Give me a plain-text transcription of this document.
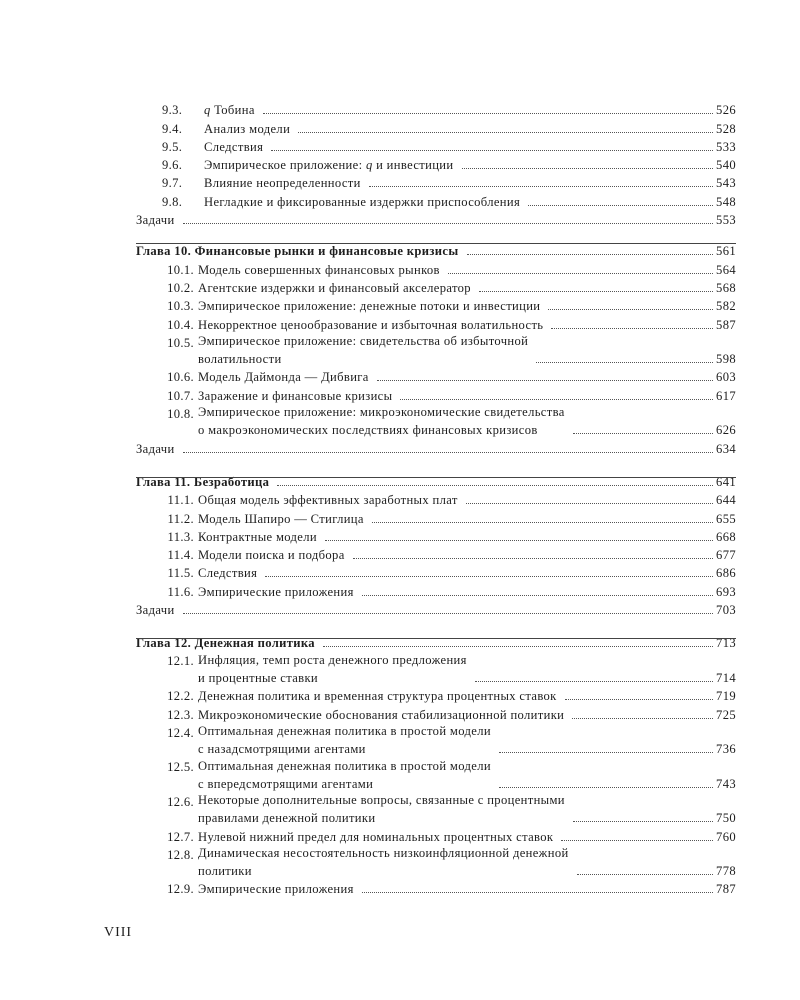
9.3.	q Тобина	526
9.4.	Анализ модели	528
9.5.	Следствия	533
9.6.	Эмпирическое приложение: q и инвестиции	540
9.7.	Влияние неопределенности	543
9.8.	Негладкие и фиксированные издержки приспособления	548
Задачи	553
Глава 10. Финансовые рынки и финансовые кризисы	561
10.1. Модель совершенных финансовых рынков	564
10.2. Агентские издержки и финансовый акселератор	568
10.3. Эмпирическое приложение: денежные потоки и инвестиции	582
10.4. Некорректное ценообразование и избыточная волатильность	587
10.5. Эмпирическое приложение: свидетельства об избыточной
волатильности	598
10.6. Модель Даймонда — Дибвига	603
10.7. Заражение и финансовые кризисы	617
10.8. Эмпирическое приложение: микроэкономические свидетельства
о макроэкономических последствиях финансовых кризисов	626
Задачи	634
Глава 11. Безработица	641
11.1. Общая модель эффективных заработных плат	644
11.2. Модель Шапиро — Стиглица	655
11.3. Контрактные модели	668
11.4. Модели поиска и подбора	677
11.5. Следствия	686
11.6. Эмпирические приложения	693
Задачи	703
Глава 12. Денежная политика	713
12.1. Инфляция, темп роста денежного предложения
и процентные ставки	714
12.2. Денежная политика и временная структура процентных ставок	719
12.3. Микроэкономические обоснования стабилизационной политики	725
12.4. Оптимальная денежная политика в простой модели
с назадсмотрящими агентами	736
12.5. Оптимальная денежная политика в простой модели
с впередсмотрящими агентами	743
12.6. Некоторые дополнительные вопросы, связанные с процентными
правилами денежной политики	750
12.7. Нулевой нижний предел для номинальных процентных ставок	760
12.8. Динамическая несостоятельность низкоинфляционной денежной
политики	778
12.9. Эмпирические приложения	787
VIII
